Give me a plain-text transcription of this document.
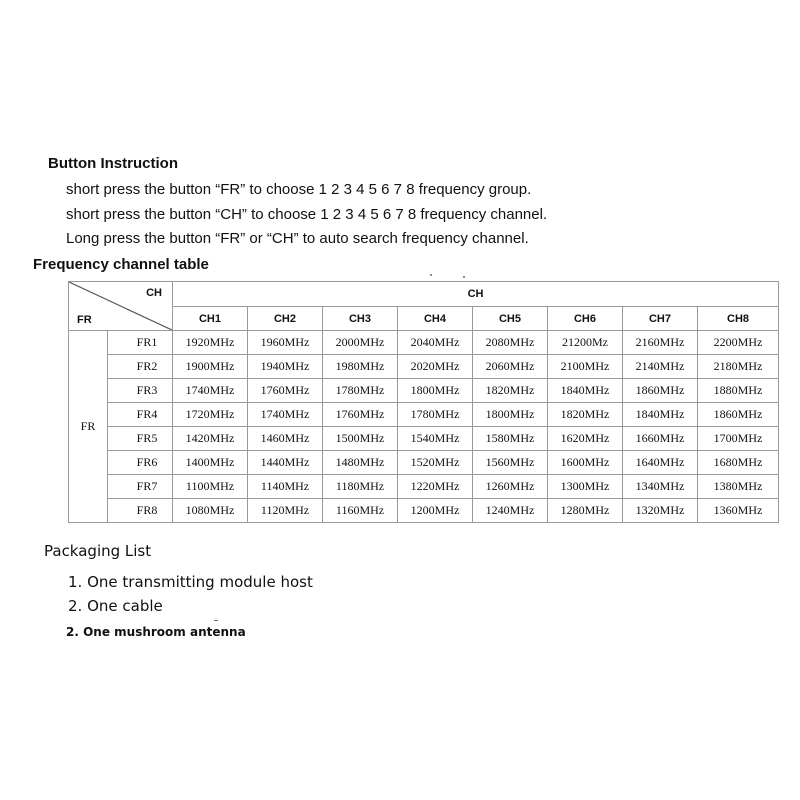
Button Instruction
short press the button “FR” to choose 1 2 3 4 5 6 7 8 frequency group.
short press the button “CH” to choose 1 2 3 4 5 6 7 8 frequency channel.
Long press the button “FR” or “CH” to auto search frequency channel.
Frequency channel table
CH
FR		CH							
		CH1	CH2	CH3	CH4	CH5	CH6	CH7	CH8
FR	FR1	1920MHz	1960MHz	2000MHz	2040MHz	2080MHz	21200Mz	2160MHz	2200MHz
	FR2	1900MHz	1940MHz	1980MHz	2020MHz	2060MHz	2100MHz	2140MHz	2180MHz
	FR3	1740MHz	1760MHz	1780MHz	1800MHz	1820MHz	1840MHz	1860MHz	1880MHz
	FR4	1720MHz	1740MHz	1760MHz	1780MHz	1800MHz	1820MHz	1840MHz	1860MHz
	FR5	1420MHz	1460MHz	1500MHz	1540MHz	1580MHz	1620MHz	1660MHz	1700MHz
	FR6	1400MHz	1440MHz	1480MHz	1520MHz	1560MHz	1600MHz	1640MHz	1680MHz
	FR7	1100MHz	1140MHz	1180MHz	1220MHz	1260MHz	1300MHz	1340MHz	1380MHz
	FR8	1080MHz	1120MHz	1160MHz	1200MHz	1240MHz	1280MHz	1320MHz	1360MHz
Packaging List
1. One transmitting module host
2. One cable
2. One mushroom antenna
